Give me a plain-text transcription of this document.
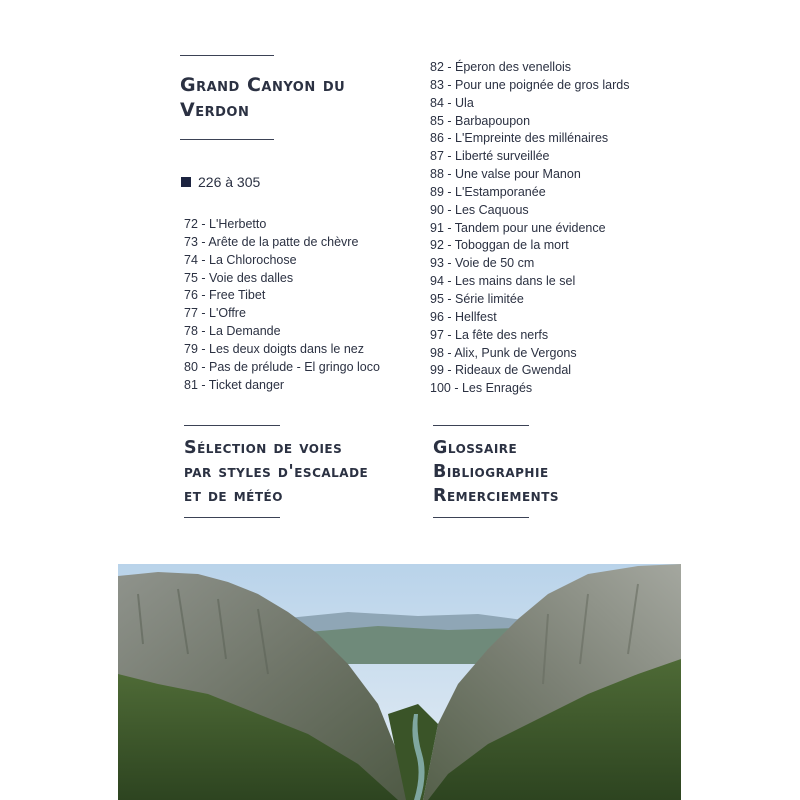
Grand Canyon du
Verdon
226 à 305
72 - L'Herbetto
73 - Arête de la patte de chèvre
74 - La Chlorochose
75 - Voie des dalles
76 - Free Tibet
77 - L'Offre
78 - La Demande
79 - Les deux doigts dans le nez
80 - Pas de prélude - El gringo loco
81 - Ticket danger
Sélection de voies
par styles d'escalade
et de météo
82 - Éperon des venellois
83 - Pour une poignée de gros lards
84 - Ula
85 - Barbapoupon
86 - L'Empreinte des millénaires
87 - Liberté surveillée
88 - Une valse pour Manon
89 - L'Estamporanée
90 - Les Caquous
91 - Tandem pour une évidence
92 - Toboggan de la mort
93 - Voie de 50 cm
94 - Les mains dans le sel
95 - Série limitée
96 - Hellfest
97 - La fête des nerfs
98 - Alix, Punk de Vergons
99 - Rideaux de Gwendal
100 - Les Enragés
Glossaire
Bibliographie
Remerciements
